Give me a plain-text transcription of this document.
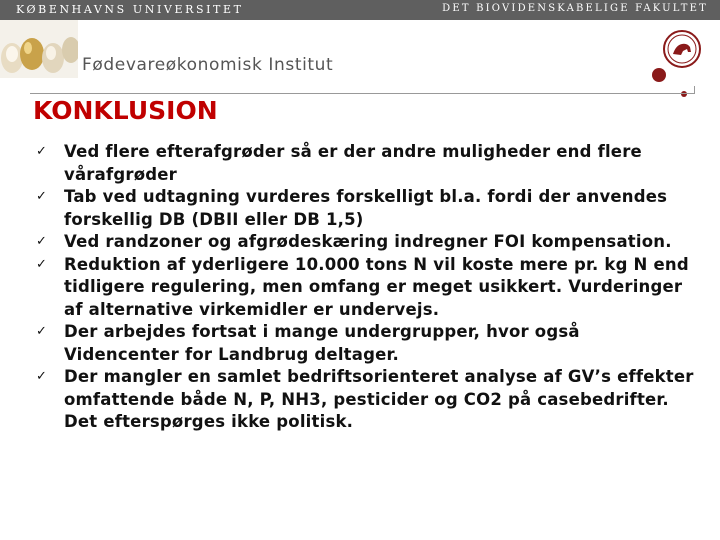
KØBENHAVNS UNIVERSITET	DET BIOVIDENSKABELIGE FAKULTET
Fødevareøkonomisk Institut
KONKLUSION
✓ Ved flere efterafgrøder så er der andre muligheder end flere vårafgrøder
✓ Tab ved udtagning vurderes forskelligt bl.a. fordi der anvendes forskellig DB (DBII eller DB 1,5)
✓ Ved randzoner og afgrødeskæring indregner FOI kompensation.
✓ Reduktion af yderligere 10.000 tons N vil koste mere pr. kg N end tidligere regulering, men omfang er meget usikkert. Vurderinger af alternative virkemidler er undervejs.
✓ Der arbejdes fortsat i mange undergrupper, hvor også Videncenter for Landbrug deltager.
✓ Der mangler en samlet bedriftsorienteret analyse af GV’s effekter omfattende både N, P, NH3, pesticider og CO2 på casebedrifter. Det efterspørges ikke politisk.
